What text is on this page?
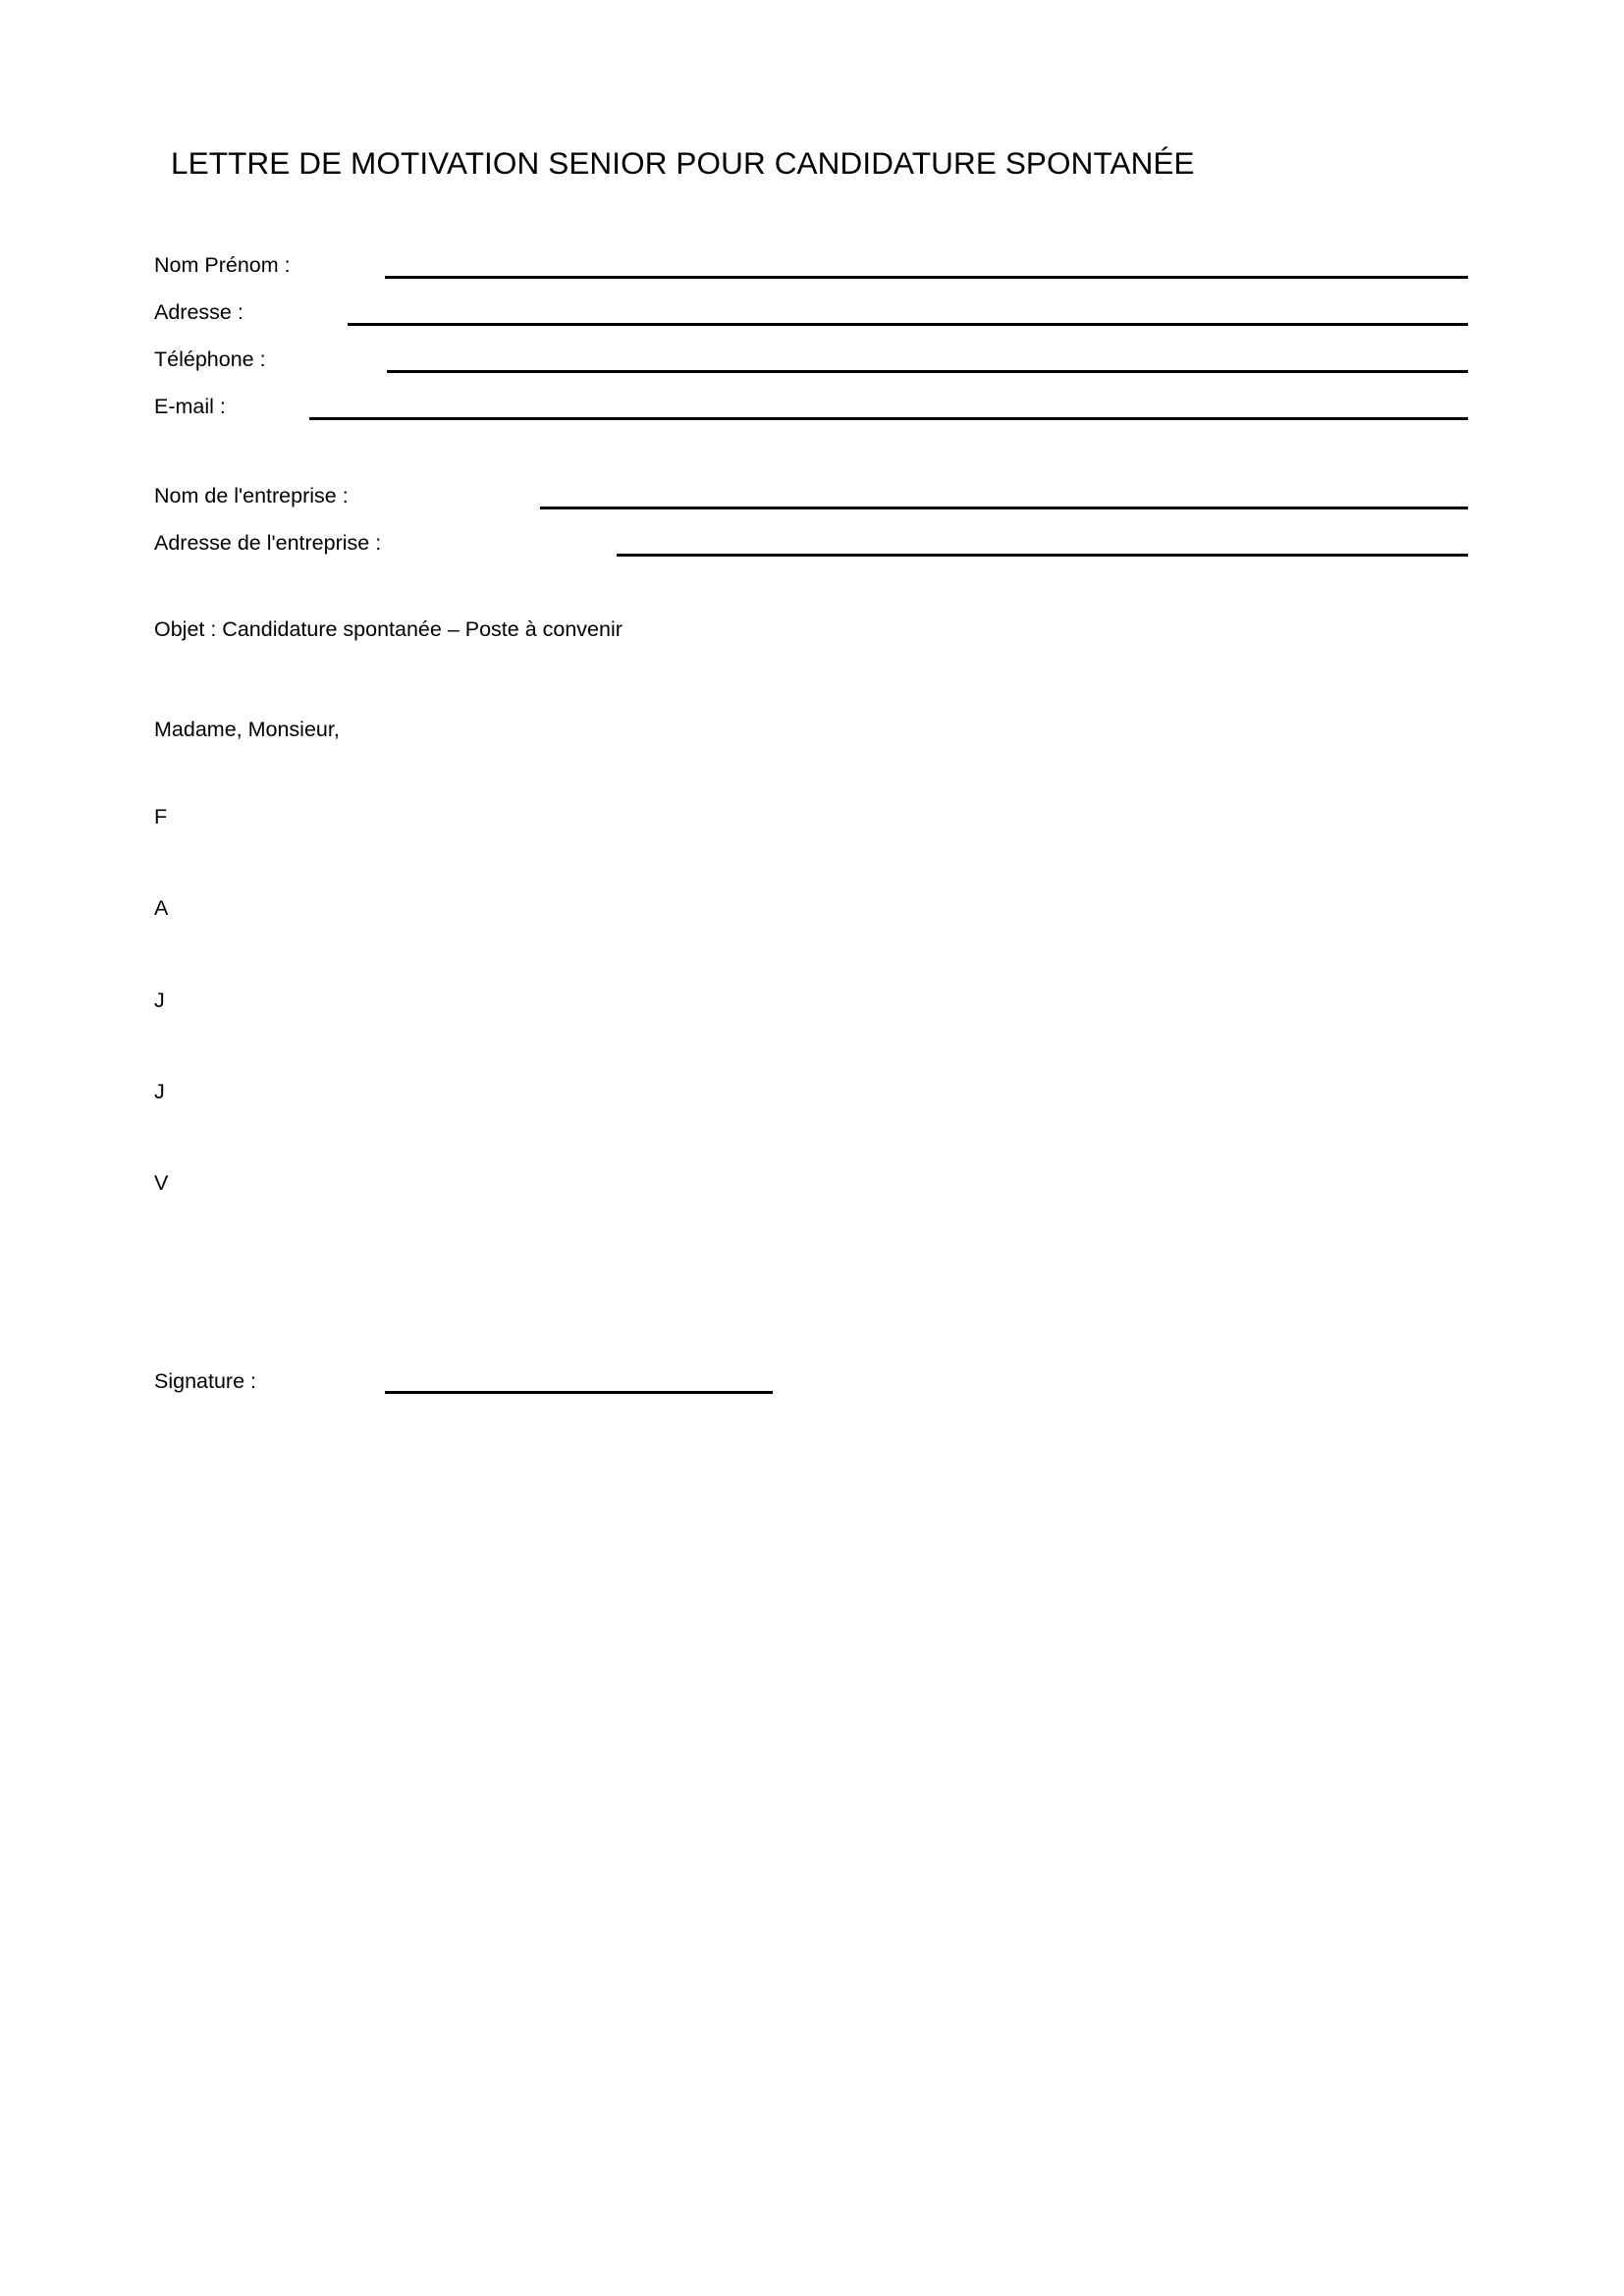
LETTRE DE MOTIVATION SENIOR POUR CANDIDATURE SPONTANÉE
Nom Prénom :
Adresse :
Téléphone :
E-mail :
Nom de l'entreprise :
Adresse de l'entreprise :

Objet : Candidature spontanée – Poste à convenir

Madame, Monsieur,

F

A

J

J

V

Signature :
